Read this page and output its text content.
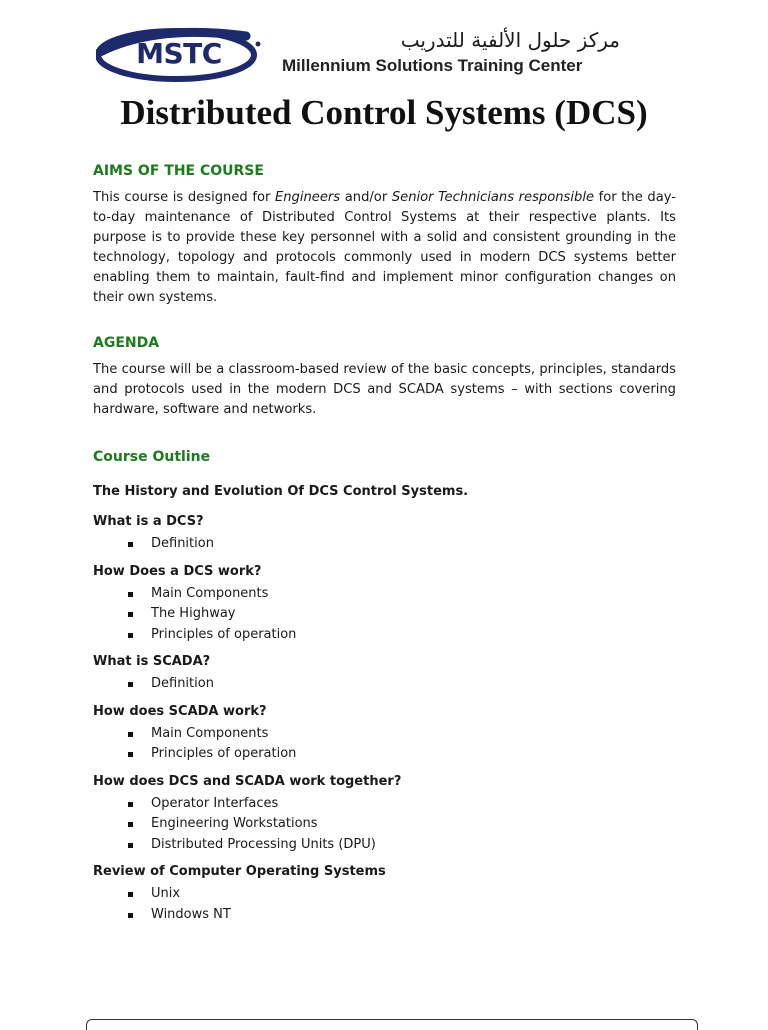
MSTC	مركز حلول الألفية للتدريب
Millennium Solutions Training Center
Distributed Control Systems (DCS)
AIMS OF THE COURSE

This course is designed for Engineers and/or Senior Technicians responsible for the day-to-day maintenance of Distributed Control Systems at their respective plants. Its purpose is to provide these key personnel with a solid and consistent grounding in the technology, topology and protocols commonly used in modern DCS systems better enabling them to maintain, fault-find and implement minor configuration changes on their own systems.

AGENDA

The course will be a classroom-based review of the basic concepts, principles, standards and protocols used in the modern DCS and SCADA systems – with sections covering hardware, software and networks.

Course Outline

The History and Evolution Of DCS Control Systems.

What is a DCS?

Definition

How Does a DCS work?

Main Components
The Highway
Principles of operation

What is SCADA?

Definition

How does SCADA work?

Main Components
Principles of operation

How does DCS and SCADA work together?

Operator Interfaces
Engineering Workstations
Distributed Processing Units (DPU)

Review of Computer Operating Systems

Unix
Windows NT
